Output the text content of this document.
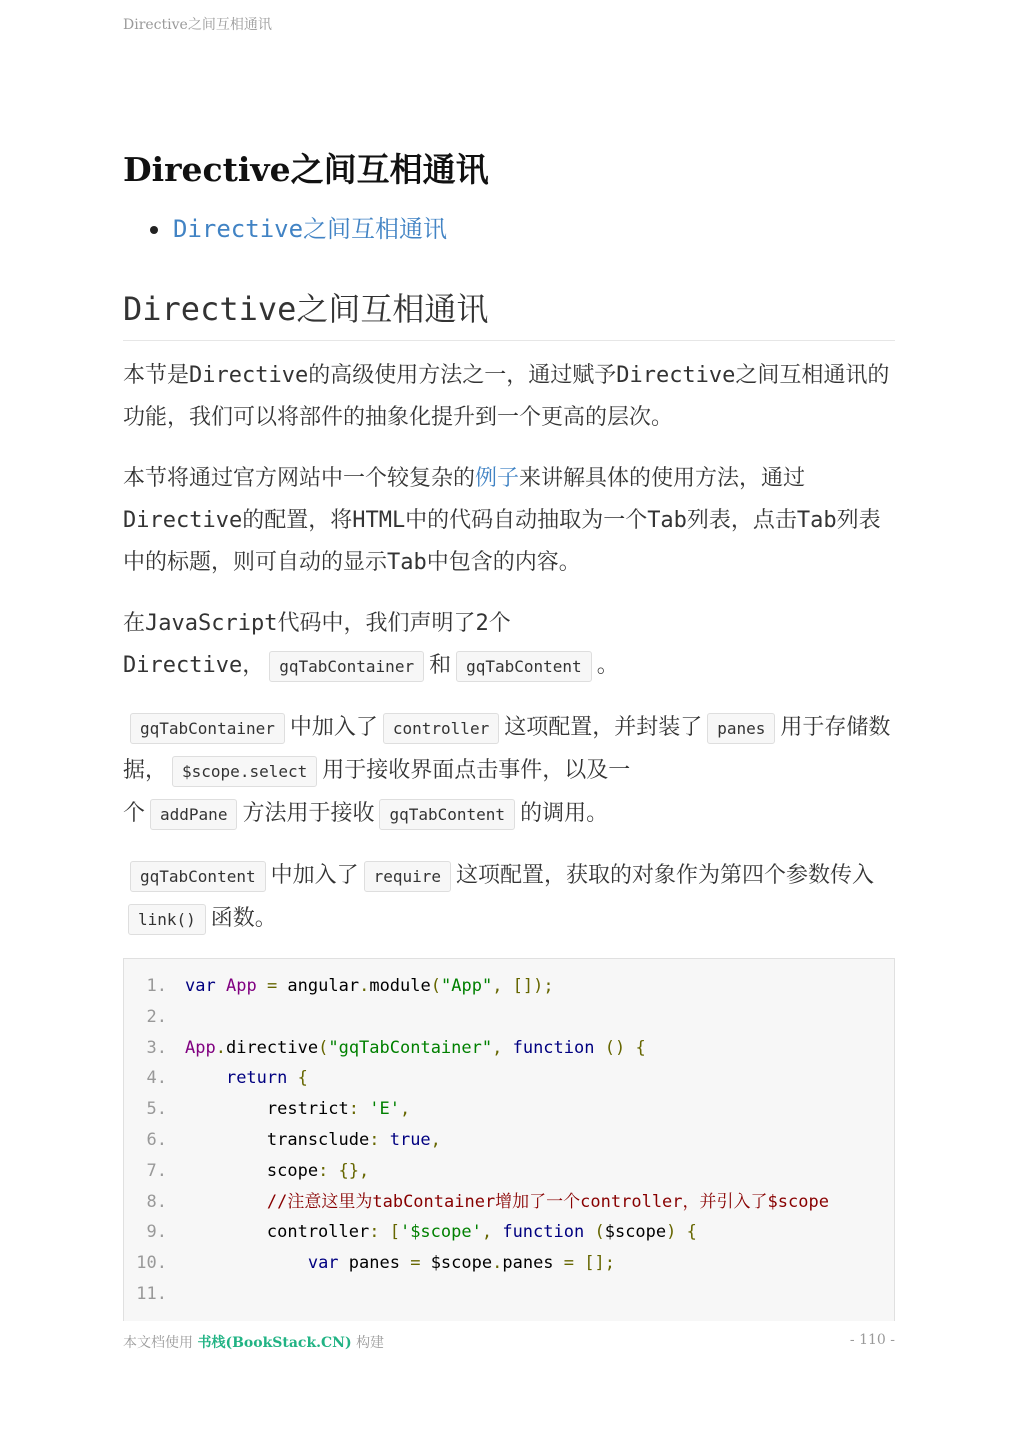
Directive之间互相通讯
Directive之间互相通讯
Directive之间互相通讯
Directive之间互相通讯

本节是Directive的高级使用方法之一，通过赋予Directive之间互相通讯的功能，我们可以将部件的抽象化提升到一个更高的层次。

本节将通过官方网站中一个较复杂的例子来讲解具体的使用方法，通过Directive的配置，将HTML中的代码自动抽取为一个Tab列表，点击Tab列表中的标题，则可自动的显示Tab中包含的内容。

在JavaScript代码中，我们声明了2个
Directive， gqTabContainer 和 gqTabContent 。

gqTabContainer 中加入了 controller 这项配置，并封装了 panes 用于存储数据， $scope.select 用于接收界面点击事件，以及一
个 addPane 方法用于接收 gqTabContent 的调用。

gqTabContent 中加入了 require 这项配置，获取的对象作为第四个参数传入link() 函数。

1. var App = angular.module("App", []);
2.
3. App.directive("gqTabContainer", function () {
4.	return {
5.        restrict: 'E',
6.        transclude: true,
7.        scope: {},
8.	//注意这里为tabContainer增加了一个controller，并引入了$scope
9.        controller: ['$scope', function ($scope) {
10.	var panes = $scope.panes = [];
11.
本文档使用 书栈(BookStack.CN) 构建	- 110 -
